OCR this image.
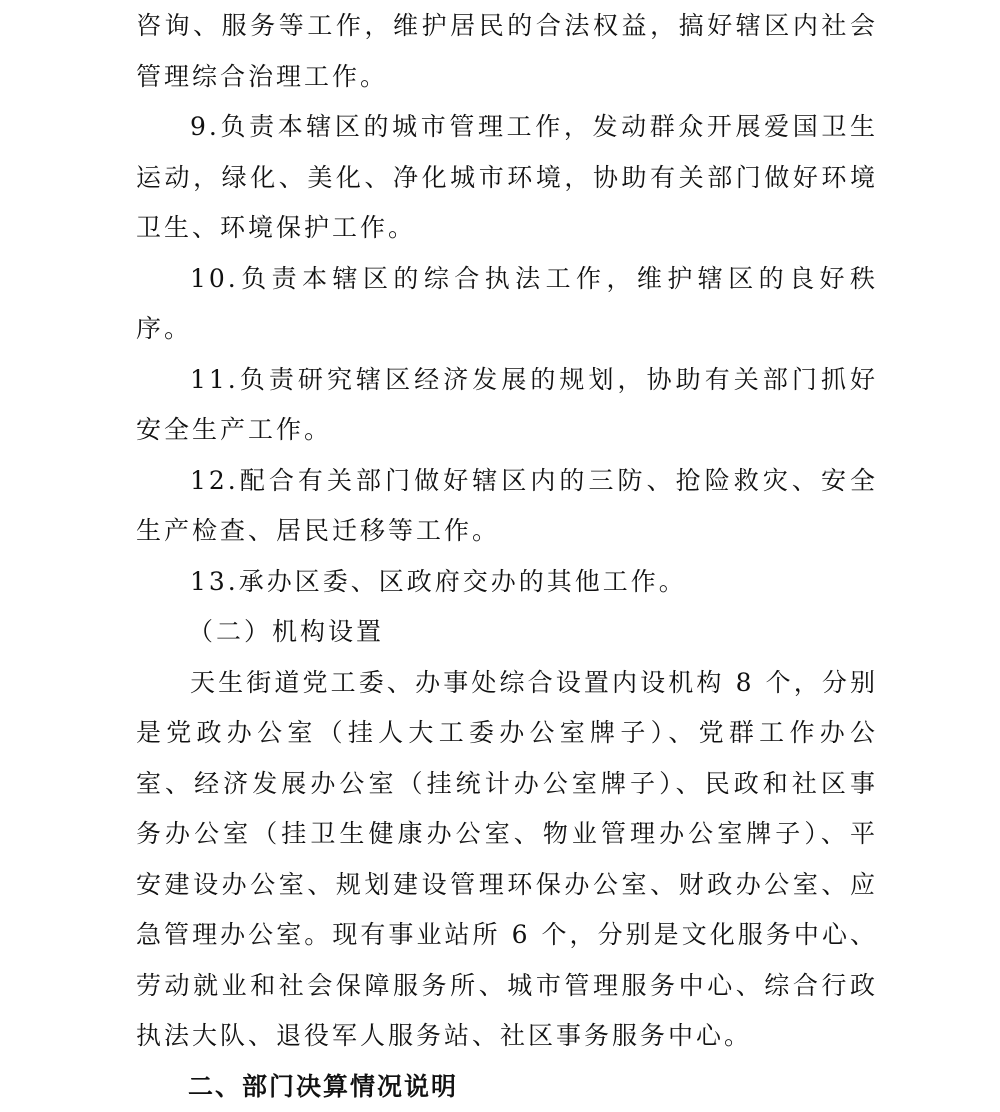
咨询、服务等工作，维护居民的合法权益，搞好辖区内社会管理综合治理工作。

9.负责本辖区的城市管理工作，发动群众开展爱国卫生运动，绿化、美化、净化城市环境，协助有关部门做好环境卫生、环境保护工作。

10.负责本辖区的综合执法工作，维护辖区的良好秩序。

11.负责研究辖区经济发展的规划，协助有关部门抓好安全生产工作。

12.配合有关部门做好辖区内的三防、抢险救灾、安全生产检查、居民迁移等工作。

13.承办区委、区政府交办的其他工作。

（二）机构设置

天生街道党工委、办事处综合设置内设机构 8 个，分别是党政办公室（挂人大工委办公室牌子）、党群工作办公室、经济发展办公室（挂统计办公室牌子）、民政和社区事务办公室（挂卫生健康办公室、物业管理办公室牌子）、平安建设办公室、规划建设管理环保办公室、财政办公室、应急管理办公室。现有事业站所 6 个，分别是文化服务中心、劳动就业和社会保障服务所、城市管理服务中心、综合行政执法大队、退役军人服务站、社区事务服务中心。

二、部门决算情况说明
